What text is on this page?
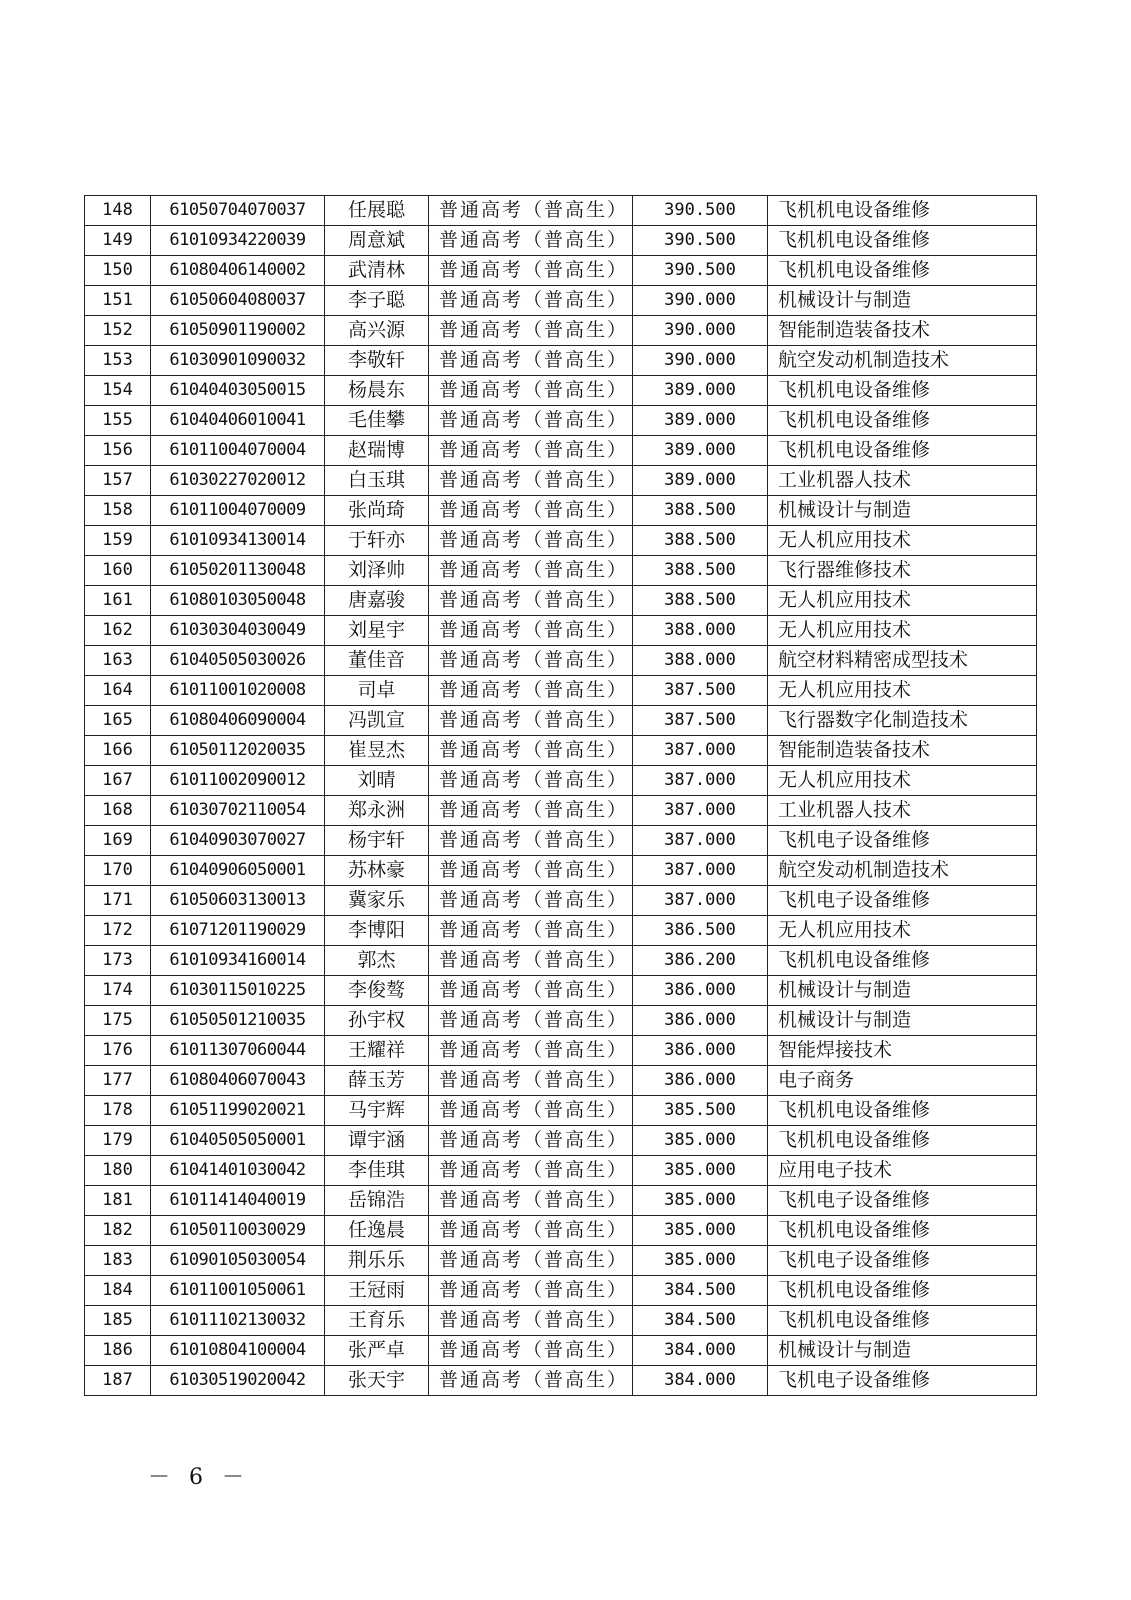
148	61050704070037	任展聪	普通高考（普高生）	390.500	飞机机电设备维修
149	61010934220039	周意斌	普通高考（普高生）	390.500	飞机机电设备维修
150	61080406140002	武清林	普通高考（普高生）	390.500	飞机机电设备维修
151	61050604080037	李子聪	普通高考（普高生）	390.000	机械设计与制造
152	61050901190002	高兴源	普通高考（普高生）	390.000	智能制造装备技术
153	61030901090032	李敬轩	普通高考（普高生）	390.000	航空发动机制造技术
154	61040403050015	杨晨东	普通高考（普高生）	389.000	飞机机电设备维修
155	61040406010041	毛佳攀	普通高考（普高生）	389.000	飞机机电设备维修
156	61011004070004	赵瑞博	普通高考（普高生）	389.000	飞机机电设备维修
157	61030227020012	白玉琪	普通高考（普高生）	389.000	工业机器人技术
158	61011004070009	张尚琦	普通高考（普高生）	388.500	机械设计与制造
159	61010934130014	于轩亦	普通高考（普高生）	388.500	无人机应用技术
160	61050201130048	刘泽帅	普通高考（普高生）	388.500	飞行器维修技术
161	61080103050048	唐嘉骏	普通高考（普高生）	388.500	无人机应用技术
162	61030304030049	刘星宇	普通高考（普高生）	388.000	无人机应用技术
163	61040505030026	董佳音	普通高考（普高生）	388.000	航空材料精密成型技术
164	61011001020008	司卓	普通高考（普高生）	387.500	无人机应用技术
165	61080406090004	冯凯宣	普通高考（普高生）	387.500	飞行器数字化制造技术
166	61050112020035	崔昱杰	普通高考（普高生）	387.000	智能制造装备技术
167	61011002090012	刘晴	普通高考（普高生）	387.000	无人机应用技术
168	61030702110054	郑永洲	普通高考（普高生）	387.000	工业机器人技术
169	61040903070027	杨宇轩	普通高考（普高生）	387.000	飞机电子设备维修
170	61040906050001	苏林豪	普通高考（普高生）	387.000	航空发动机制造技术
171	61050603130013	冀家乐	普通高考（普高生）	387.000	飞机电子设备维修
172	61071201190029	李博阳	普通高考（普高生）	386.500	无人机应用技术
173	61010934160014	郭杰	普通高考（普高生）	386.200	飞机机电设备维修
174	61030115010225	李俊骜	普通高考（普高生）	386.000	机械设计与制造
175	61050501210035	孙宇权	普通高考（普高生）	386.000	机械设计与制造
176	61011307060044	王耀祥	普通高考（普高生）	386.000	智能焊接技术
177	61080406070043	薛玉芳	普通高考（普高生）	386.000	电子商务
178	61051199020021	马宇辉	普通高考（普高生）	385.500	飞机机电设备维修
179	61040505050001	谭宇涵	普通高考（普高生）	385.000	飞机机电设备维修
180	61041401030042	李佳琪	普通高考（普高生）	385.000	应用电子技术
181	61011414040019	岳锦浩	普通高考（普高生）	385.000	飞机电子设备维修
182	61050110030029	任逸晨	普通高考（普高生）	385.000	飞机机电设备维修
183	61090105030054	荆乐乐	普通高考（普高生）	385.000	飞机电子设备维修
184	61011001050061	王冠雨	普通高考（普高生）	384.500	飞机机电设备维修
185	61011102130032	王育乐	普通高考（普高生）	384.500	飞机机电设备维修
186	61010804100004	张严卓	普通高考（普高生）	384.000	机械设计与制造
187	61030519020042	张天宇	普通高考（普高生）	384.000	飞机电子设备维修
－ 6 －
